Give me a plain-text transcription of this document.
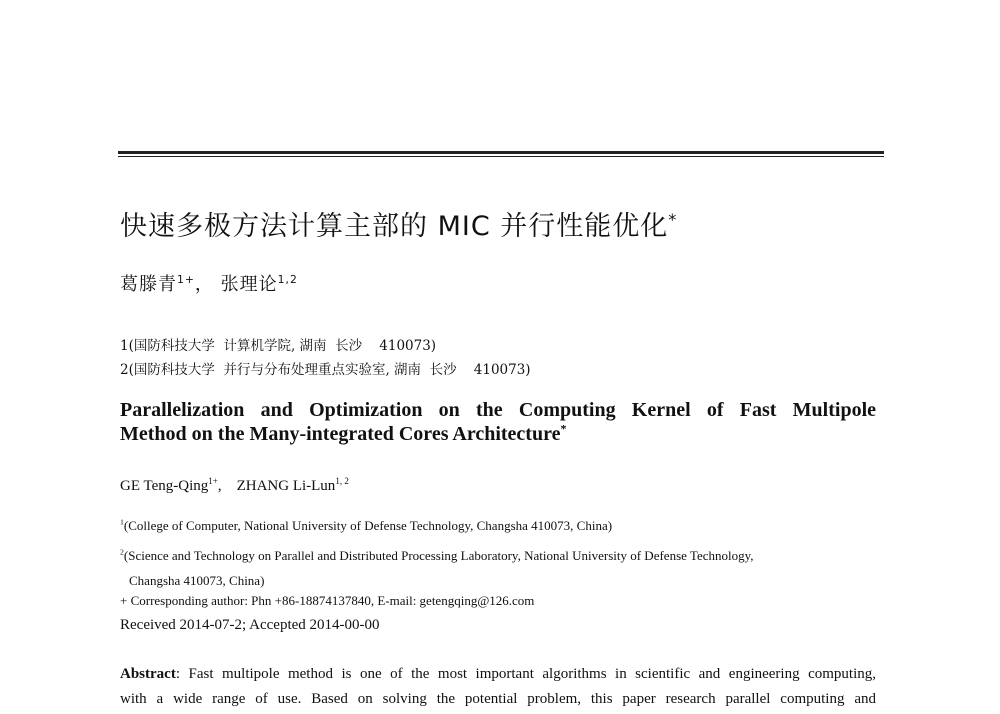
快速多极方法计算主部的 MIC 并行性能优化*
葛滕青$^{1+}$， 张理论$^{1,2}$
1(国防科技大学  计算机学院, 湖南  长沙    410073)
2(国防科技大学  并行与分布处理重点实验室, 湖南  长沙    410073)
Parallelization and Optimization on the Computing Kernel of Fast Multipole
Method on the Many-integrated Cores Architecture*
GE Teng-Qing$^{1+}$, ZHANG Li-Lun$^{1, 2}$
$^1$(College of Computer, National University of Defense Technology, Changsha 410073, China)
$^2$(Science and Technology on Parallel and Distributed Processing Laboratory, National University of Defense Technology,
Changsha 410073, China)
+ Corresponding author: Phn +86-18874137840, E-mail: getengqing@126.com
Received 2014-07-2; Accepted 2014-00-00
Abstract: Fast multipole method is one of the most important algorithms in scientific and engineering computing,
with a wide range of use. Based on solving the potential problem, this paper research parallel computing and
